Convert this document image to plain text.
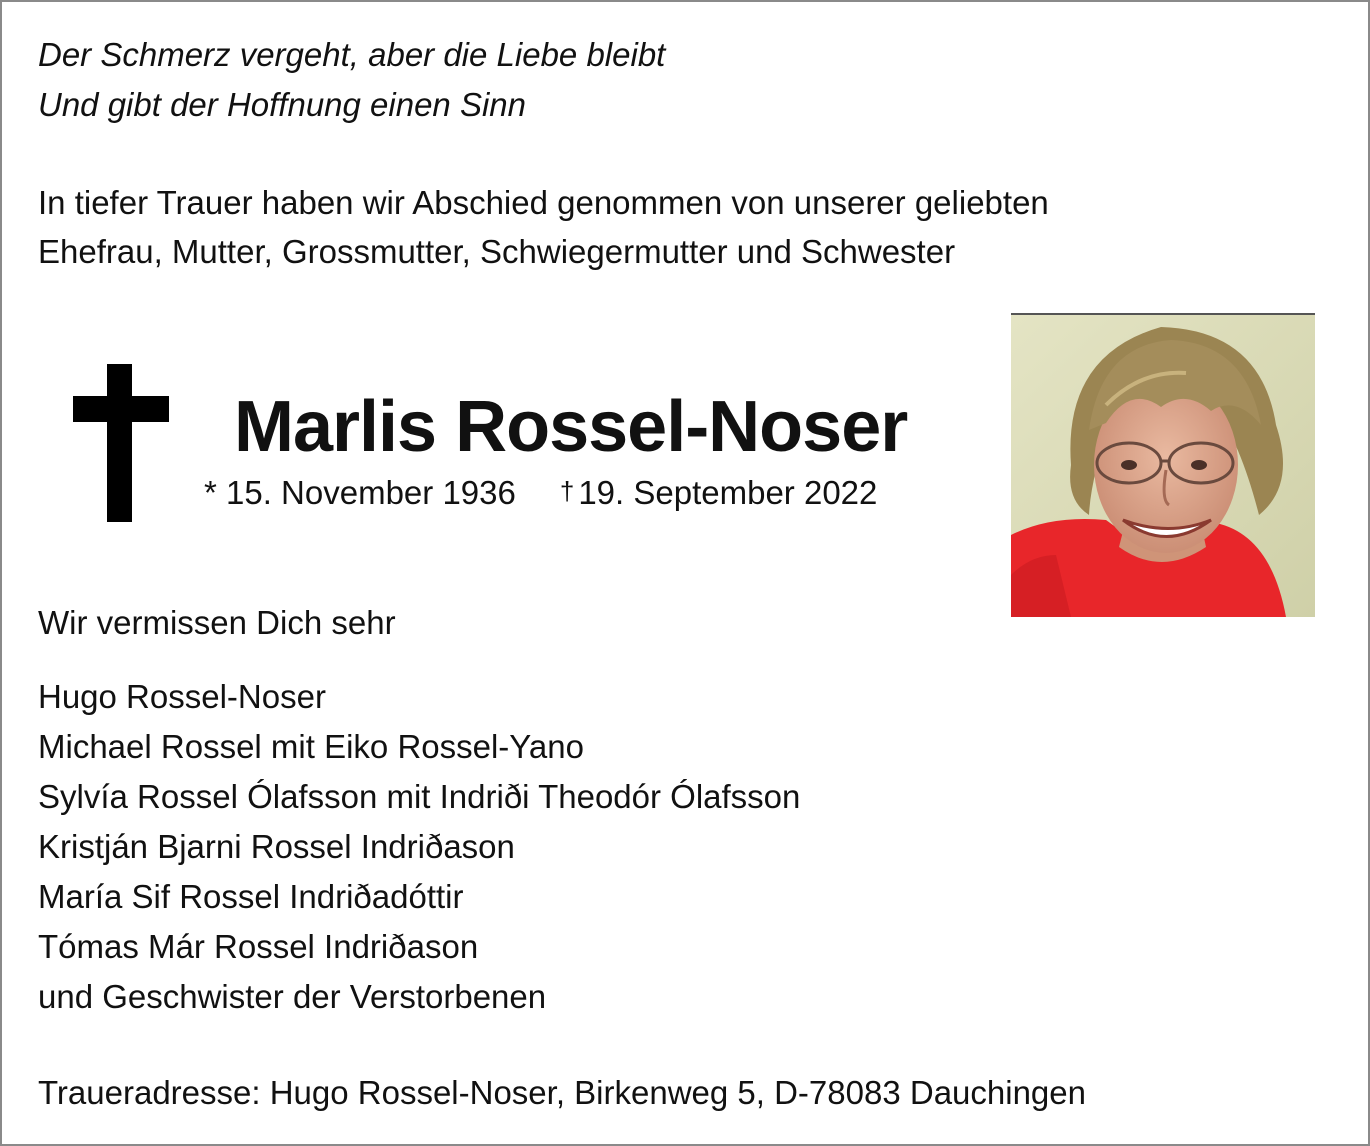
Der Schmerz vergeht, aber die Liebe bleibt
Und gibt der Hoffnung einen Sinn
In tiefer Trauer haben wir Abschied genommen von unserer geliebten
Ehefrau, Mutter, Grossmutter, Schwiegermutter und Schwester
Marlis Rossel-Noser
* 15. November 1936 † 19. September 2022
Wir vermissen Dich sehr
Hugo Rossel-Noser
Michael Rossel mit Eiko Rossel-Yano
Sylvía Rossel Ólafsson mit Indriði Theodór Ólafsson
Kristján Bjarni Rossel Indriðason
María Sif Rossel Indriðadóttir
Tómas Már Rossel Indriðason
und Geschwister der Verstorbenen
Traueradresse: Hugo Rossel-Noser, Birkenweg 5, D-78083 Dauchingen
